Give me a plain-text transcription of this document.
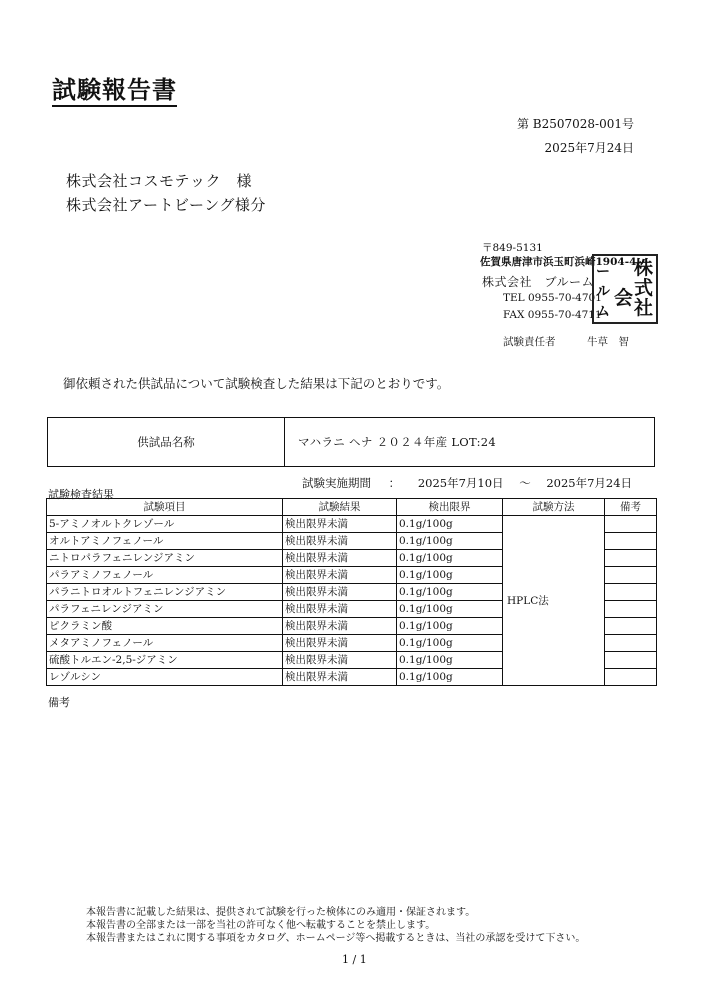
試験報告書
第 B2507028-001号
2025年7月24日
株式会社コスモテック　様
株式会社アートビーング様分
〒849-5131
佐賀県唐津市浜玉町浜崎1904-4
株式会社　ブルーム
TEL 0955-70-4701
FAX 0955-70-4711
試験責任者	牛草　智
株
式
社
会
ー
ル
ム
御依頼された供試品について試験検査した結果は下記のとおりです。
供試品名称	マハラニ ヘナ ２０２４年産 LOT:24
試験実施期間 ： 2025年7月10日 ～ 2025年7月24日
試験検査結果
試験項目	試験結果	検出限界	試験方法	備考
5-アミノオルトクレゾール	検出限界未満	0.1g/100g	HPLC法	
オルトアミノフェノール	検出限界未満	0.1g/100g		
ニトロパラフェニレンジアミン	検出限界未満	0.1g/100g		
パラアミノフェノール	検出限界未満	0.1g/100g		
パラニトロオルトフェニレンジアミン	検出限界未満	0.1g/100g		
パラフェニレンジアミン	検出限界未満	0.1g/100g		
ピクラミン酸	検出限界未満	0.1g/100g		
メタアミノフェノール	検出限界未満	0.1g/100g		
硫酸トルエン-2,5-ジアミン	検出限界未満	0.1g/100g		
レゾルシン	検出限界未満	0.1g/100g		
備考
本報告書に記載した結果は、提供されて試験を行った検体にのみ適用・保証されます。
本報告書の全部または一部を当社の許可なく他へ転載することを禁止します。
本報告書またはこれに関する事項をカタログ、ホームページ等へ掲載するときは、当社の承認を受けて下さい。
1 / 1
